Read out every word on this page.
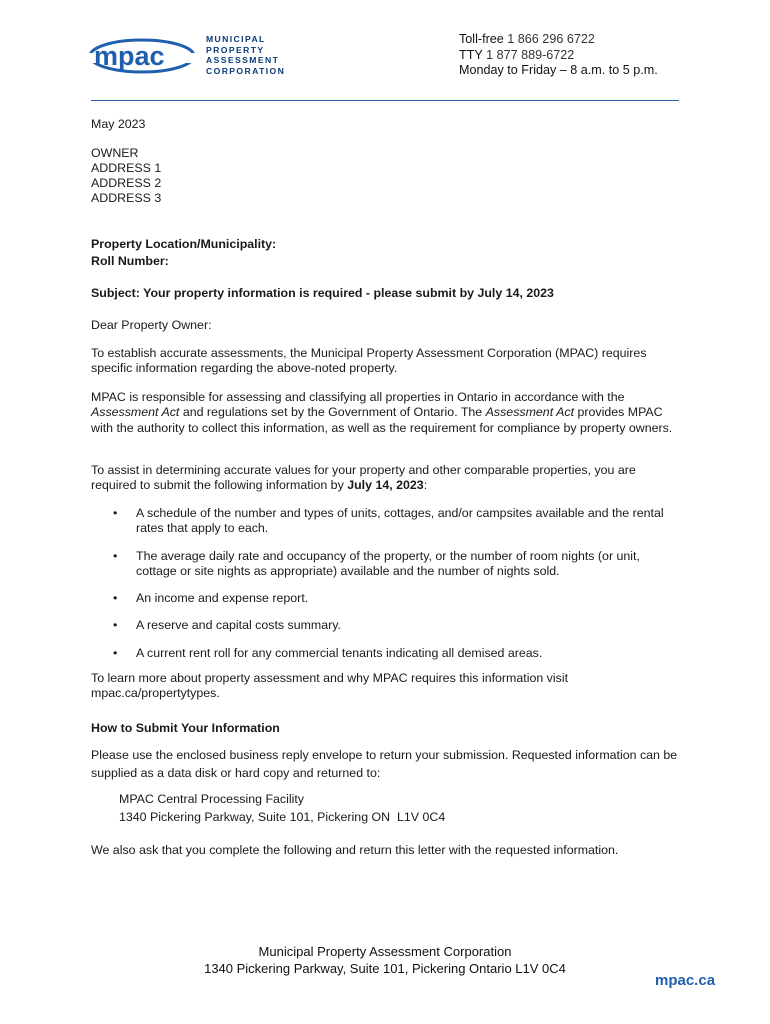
mpac
MUNICIPAL
PROPERTY
ASSESSMENT
CORPORATION
Toll-free 1 866 296 6722
TTY 1 877 889-6722
Monday to Friday – 8 a.m. to 5 p.m.

May 2023

OWNER
ADDRESS 1
ADDRESS 2
ADDRESS 3
Property Location/Municipality:
Roll Number:

Subject: Your property information is required - please submit by July 14, 2023

Dear Property Owner:

To establish accurate assessments, the Municipal Property Assessment Corporation (MPAC) requires specific information regarding the above-noted property.

MPAC is responsible for assessing and classifying all properties in Ontario in accordance with the Assessment Act and regulations set by the Government of Ontario. The Assessment Act provides MPAC with the authority to collect this information, as well as the requirement for compliance by property owners.

To assist in determining accurate values for your property and other comparable properties, you are required to submit the following information by July 14, 2023:

• A schedule of the number and types of units, cottages, and/or campsites available and the rental rates that apply to each.
• The average daily rate and occupancy of the property, or the number of room nights (or unit, cottage or site nights as appropriate) available and the number of nights sold.
• An income and expense report.
• A reserve and capital costs summary.
• A current rent roll for any commercial tenants indicating all demised areas.

To learn more about property assessment and why MPAC requires this information visit mpac.ca/propertytypes.

How to Submit Your Information

Please use the enclosed business reply envelope to return your submission. Requested information can be supplied as a data disk or hard copy and returned to:

MPAC Central Processing Facility
1340 Pickering Parkway, Suite 101, Pickering ON  L1V 0C4

We also ask that you complete the following and return this letter with the requested information.

Municipal Property Assessment Corporation
1340 Pickering Parkway, Suite 101, Pickering Ontario L1V 0C4
mpac.ca
